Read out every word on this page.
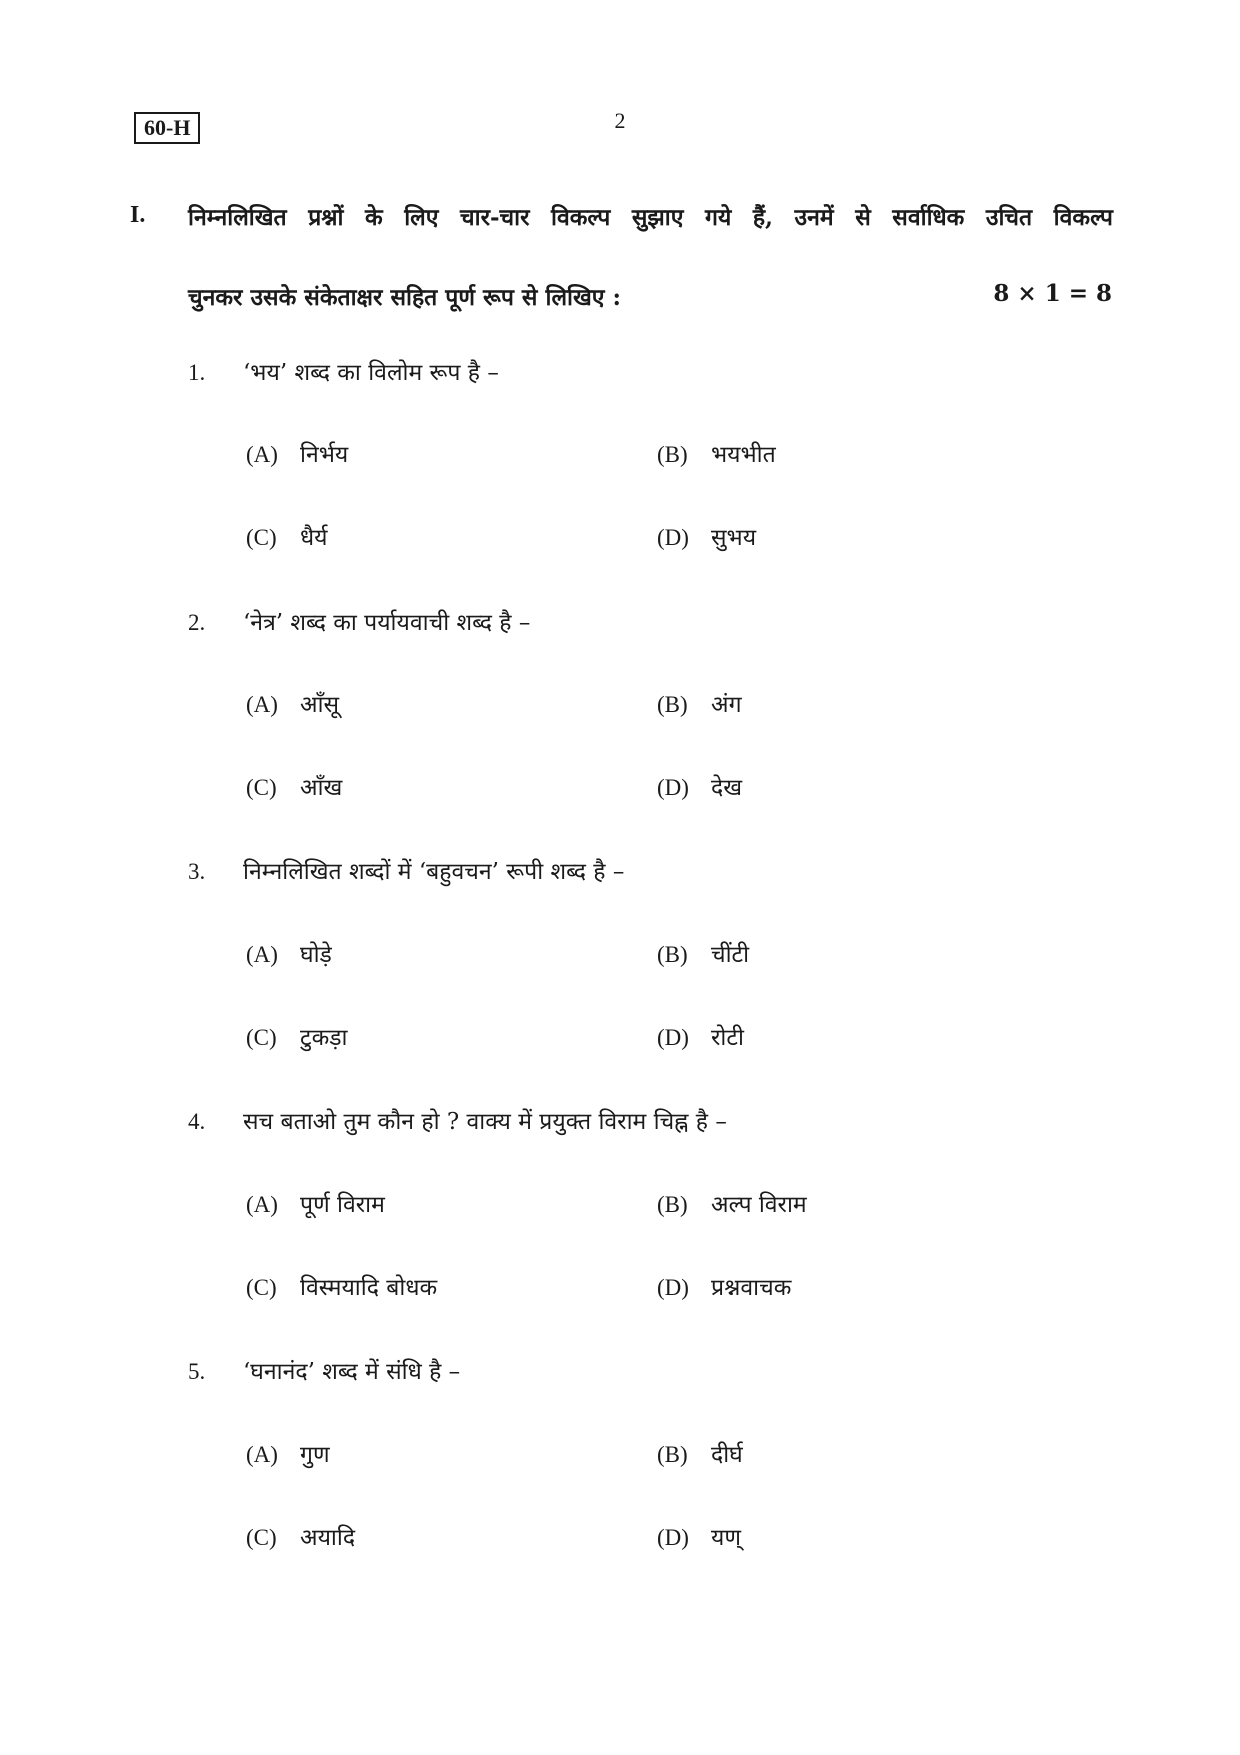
60-H	2
I. निम्नलिखित प्रश्नों के लिए चार-चार विकल्प सुझाए गये हैं, उनमें से सर्वाधिक उचित विकल्प
चुनकर उसके संकेताक्षर सहित पूर्ण रूप से लिखिए :	8 × 1 = 8
1. ‘भय’ शब्द का विलोम रूप है –
(A) निर्भय	(B) भयभीत
(C) धैर्य	(D) सुभय
2. ‘नेत्र’ शब्द का पर्यायवाची शब्द है –
(A) आँसू	(B) अंग
(C) आँख	(D) देख
3. निम्नलिखित शब्दों में ‘बहुवचन’ रूपी शब्द है –
(A) घोड़े	(B) चींटी
(C) टुकड़ा	(D) रोटी
4. सच बताओ तुम कौन हो ? वाक्य में प्रयुक्त विराम चिह्न है –
(A) पूर्ण विराम	(B) अल्प विराम
(C) विस्मयादि बोधक	(D) प्रश्नवाचक
5. ‘घनानंद’ शब्द में संधि है –
(A) गुण	(B) दीर्घ
(C) अयादि	(D) यण्
